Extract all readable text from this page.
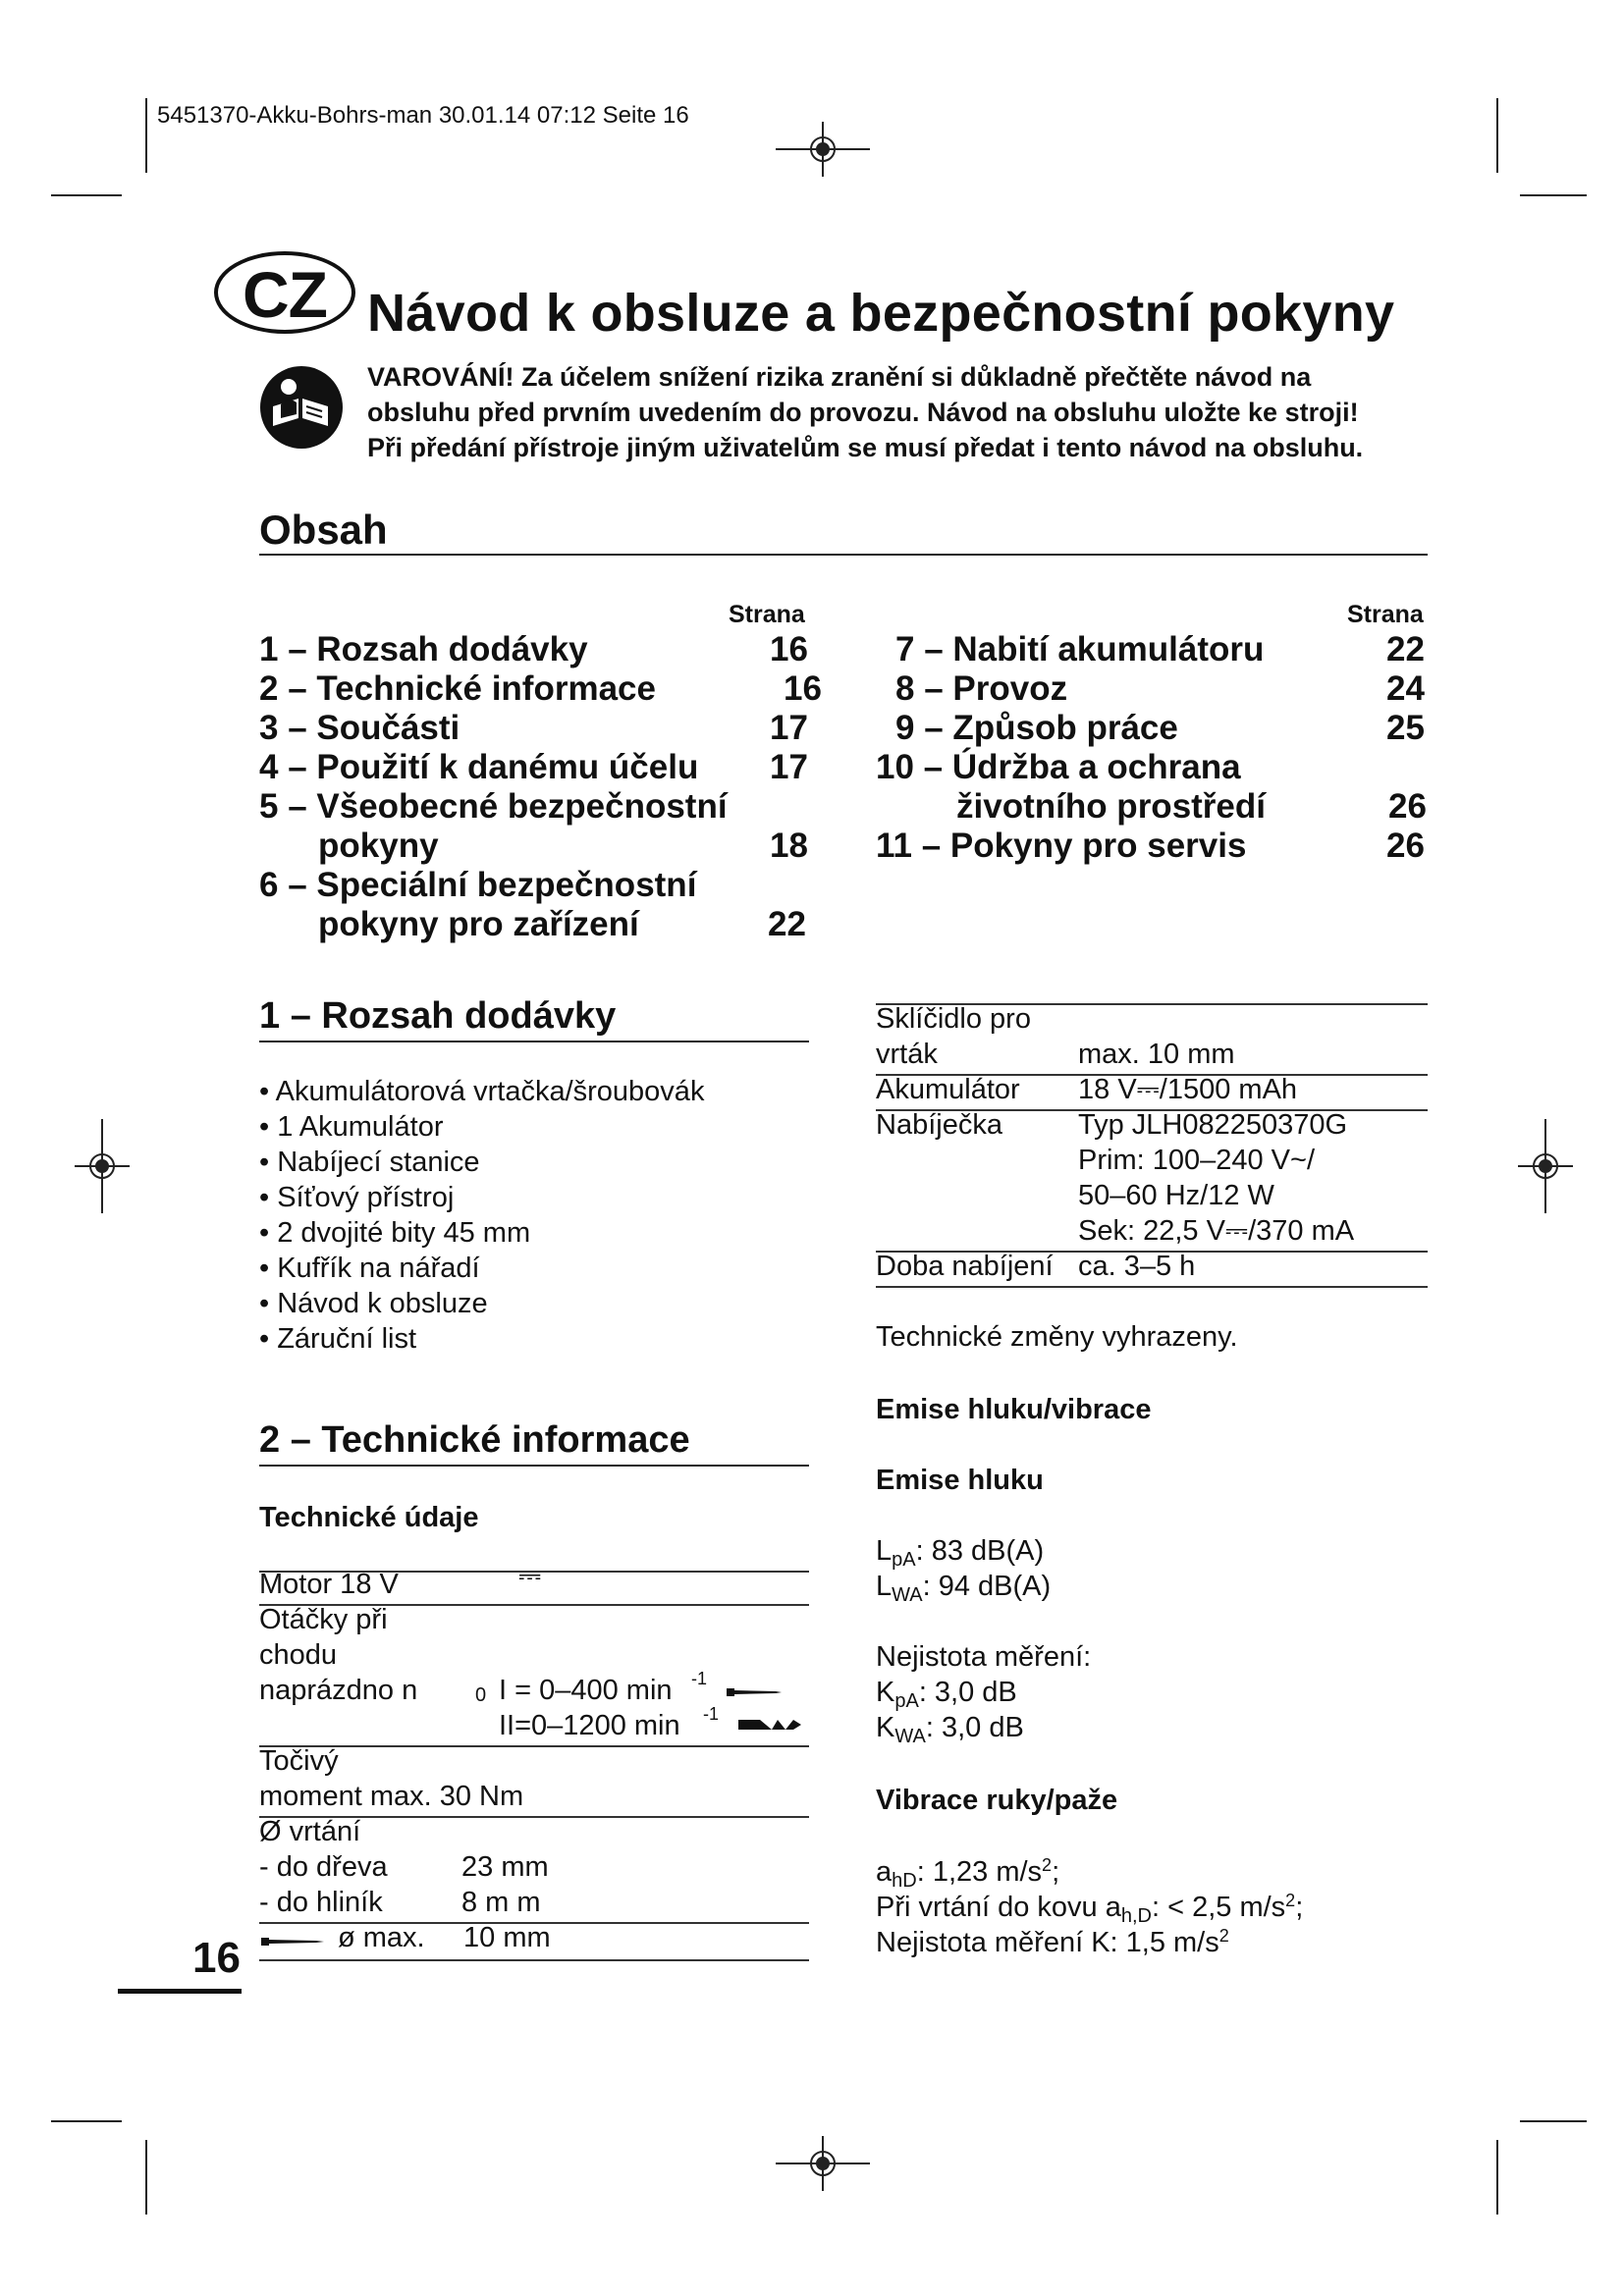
5451370-Akku-Bohrs-man 30.01.14 07:12 Seite 16
CZ Návod k obsluze a bezpečnostní pokyny
VAROVÁNÍ! Za účelem snížení rizika zranění si důkladně přečtěte návod na
obsluhu před prvním uvedením do provozu. Návod na obsluhu uložte ke stroji!
Při předání přístroje jiným uživatelům se musí předat i tento návod na obsluhu.
Obsah
Strana	Strana
1 – Rozsah dodávky	16
2 – Technické informace	16
3 – Součásti	17
4 – Použití k danému účelu 17
5 – Všeobecné bezpečnostní
pokyny	18
6 – Speciální bezpečnostní
pokyny pro zařízení	22
7 – Nabití akumulátoru	22
8 – Provoz	24
9 – Způsob práce	25
10 – Údržba a ochrana
životního prostředí	26
11 – Pokyny pro servis	26
1 – Rozsah dodávky
• Akumulátorová vrtačka/šroubovák
• 1 Akumulátor
• Nabíjecí stanice
• Síťový přístroj
• 2 dvojité bity 45 mm
• Kufřík na nářadí
• Návod k obsluze
• Záruční list
2 – Technické informace
Technické údaje
Motor 18 V	⎓
Otáčky při
chodu
naprázdno n	0 I = 0–400 min -1
II=0–1200 min -1
Točivý
moment max. 30 Nm
Ø vrtání
- do dřeva	23 mm
- do hliník	8 m m
ø max. 10 mm
Sklíčidlo pro
vrták	max. 10 mm
Akumulátor 18 V⎓/1500 mAh
Nabíječka	Typ JLH082250370G
Prim: 100–240 V~/
50–60 Hz/12 W
Sek: 22,5 V⎓/370 mA
Doba nabíjení ca. 3–5 h
Technické změny vyhrazeny.
Emise hluku/vibrace
Emise hluku
$L_{pA}$: 83 dB(A)
$L_{WA}$: 94 dB(A)
Nejistota měření:
$K_{pA}$: 3,0 dB
$K_{WA}$: 3,0 dB
Vibrace ruky/paže
$a_{hD}$: 1,23 $m/s^2$;
Při vrtání do kovu $a_{h,D}$: < 2,5 $m/s^2$;
Nejistota měření K: 1,5 $m/s^2$
16
